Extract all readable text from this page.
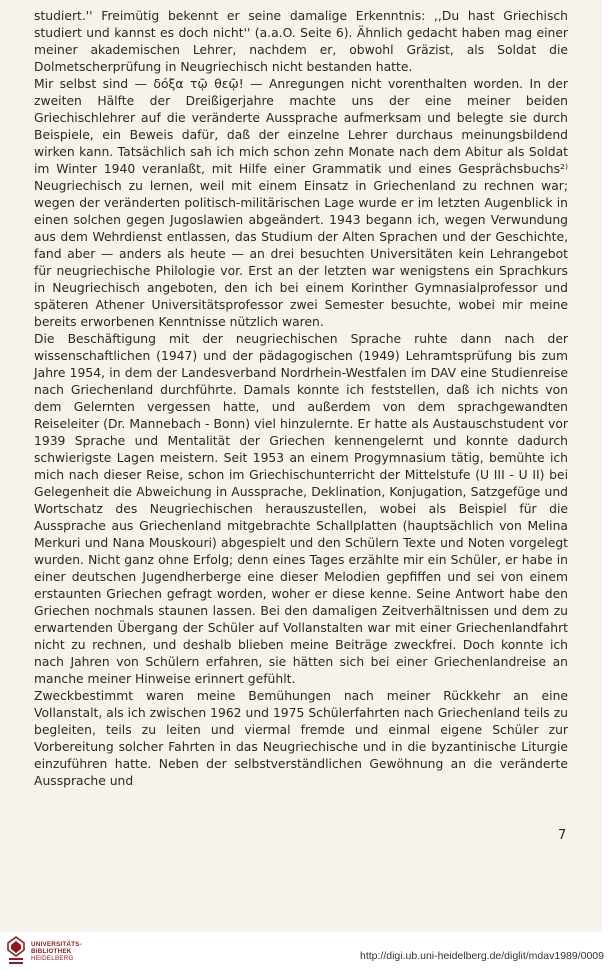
studiert.'' Freimütig bekennt er seine damalige Erkenntnis: ,,Du hast Griechisch studiert und kannst es doch nicht'' (a.a.O. Seite 6). Ähnlich gedacht haben mag einer meiner akademischen Lehrer, nachdem er, obwohl Gräzist, als Soldat die Dolmetscherprüfung in Neugriechisch nicht bestanden hatte.

Mir selbst sind — δόξα τῷ θεῷ! — Anregungen nicht vorenthalten worden. In der zweiten Hälfte der Dreißigerjahre machte uns der eine meiner beiden Griechischlehrer auf die veränderte Aussprache aufmerksam und belegte sie durch Beispiele, ein Beweis dafür, daß der einzelne Lehrer durchaus meinungsbildend wirken kann. Tatsächlich sah ich mich schon zehn Monate nach dem Abitur als Soldat im Winter 1940 veranlaßt, mit Hilfe einer Grammatik und eines Gesprächsbuchs²⁾ Neugriechisch zu lernen, weil mit einem Einsatz in Griechenland zu rechnen war; wegen der veränderten politisch-militärischen Lage wurde er im letzten Augenblick in einen solchen gegen Jugoslawien abgeändert. 1943 begann ich, wegen Verwundung aus dem Wehrdienst entlassen, das Studium der Alten Sprachen und der Geschichte, fand aber — anders als heute — an drei besuchten Universitäten kein Lehrangebot für neugriechische Philologie vor. Erst an der letzten war wenigstens ein Sprachkurs in Neugriechisch angeboten, den ich bei einem Korinther Gymnasialprofessor und späteren Athener Universitätsprofessor zwei Semester besuchte, wobei mir meine bereits erworbenen Kenntnisse nützlich waren.

Die Beschäftigung mit der neugriechischen Sprache ruhte dann nach der wissenschaftlichen (1947) und der pädagogischen (1949) Lehramtsprüfung bis zum Jahre 1954, in dem der Landesverband Nordrhein-Westfalen im DAV eine Studienreise nach Griechenland durchführte. Damals konnte ich feststellen, daß ich nichts von dem Gelernten vergessen hatte, und außerdem von dem sprachgewandten Reiseleiter (Dr. Mannebach - Bonn) viel hinzulernte. Er hatte als Austauschstudent vor 1939 Sprache und Mentalität der Griechen kennengelernt und konnte dadurch schwierigste Lagen meistern. Seit 1953 an einem Progymnasium tätig, bemühte ich mich nach dieser Reise, schon im Griechischunterricht der Mittelstufe (U III - U II) bei Gelegenheit die Abweichung in Aussprache, Deklination, Konjugation, Satzgefüge und Wortschatz des Neugriechischen herauszustellen, wobei als Beispiel für die Aussprache aus Griechenland mitgebrachte Schallplatten (hauptsächlich von Melina Merkuri und Nana Mouskouri) abgespielt und den Schülern Texte und Noten vorgelegt wurden. Nicht ganz ohne Erfolg; denn eines Tages erzählte mir ein Schüler, er habe in einer deutschen Jugendherberge eine dieser Melodien gepfiffen und sei von einem erstaunten Griechen gefragt worden, woher er diese kenne. Seine Antwort habe den Griechen nochmals staunen lassen. Bei den damaligen Zeitverhältnissen und dem zu erwartenden Übergang der Schüler auf Vollanstalten war mit einer Griechenlandfahrt nicht zu rechnen, und deshalb blieben meine Beiträge zweckfrei. Doch konnte ich nach Jahren von Schülern erfahren, sie hätten sich bei einer Griechenlandreise an manche meiner Hinweise erinnert gefühlt.

Zweckbestimmt waren meine Bemühungen nach meiner Rückkehr an eine Vollanstalt, als ich zwischen 1962 und 1975 Schülerfahrten nach Griechenland teils zu begleiten, teils zu leiten und viermal fremde und einmal eigene Schüler zur Vorbereitung solcher Fahrten in das Neugriechische und in die byzantinische Liturgie einzuführen hatte. Neben der selbstverständlichen Gewöhnung an die veränderte Aussprache und

7
UNIVERSITÄTS-
BIBLIOTHEK
HEIDELBERG	http://digi.ub.uni-heidelberg.de/diglit/mdav1989/0009
